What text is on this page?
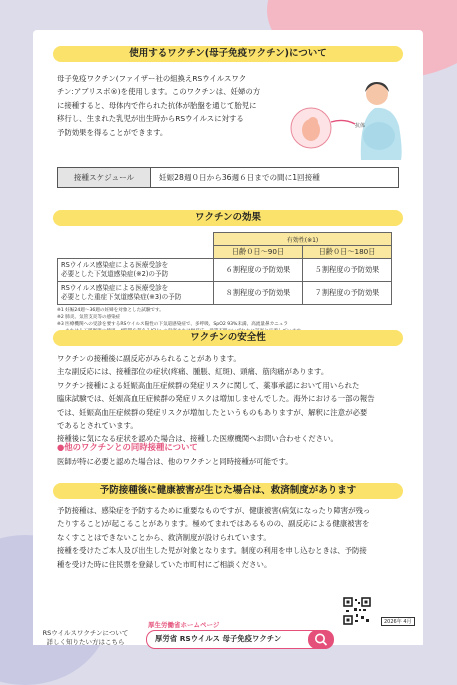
使用するワクチン(母子免疫ワクチン)について

母子免疫ワクチン(ファイザー社の組換えRSウイルスワク

チン:アブリスボ®)を使用します。このワクチンは、妊婦の方

に接種すると、母体内で作られた抗体が胎盤を通じて胎児に

移行し、生まれた乳児が出生時からRSウイルスに対する

予防効果を得ることができます。

抗体
接種スケジュール	妊娠28週０日から36週６日までの間に1回接種
ワクチンの効果
	有効性(※1)	
	日齢０日〜90日	日齢０日〜180日

RSウイルス感染症による医療受診を
必要とした下気道感染症(※2)の予防	６割程度の予防効果	５割程度の予防効果

RSウイルス感染症による医療受診を
必要とした重症下気道感染症(※3)の予防	８割程度の予防効果	７割程度の予防効果

※1 妊娠24週〜36週の妊婦を対象とした試験です。

※2 肺炎、気管支炎等の感染症

※3 医療機関への受診を要するRSウイルス陽性の下気道感染症で、多呼吸、SpO2 93%未満、高流量鼻カニュラ

ワクチンの安全性

ワクチンの接種後に副反応がみられることがあります。

主な副反応には、接種部位の症状(疼痛、腫脹、紅斑)、頭痛、筋肉痛があります。

ワクチン接種による妊娠高血圧症候群の発症リスクに関して、薬事承認において用いられた

臨床試験では、妊娠高血圧症候群の発症リスクは増加しませんでした。海外における一部の報告

では、妊娠高血圧症候群の発症リスクが増加したというものもありますが、解釈に注意が必要

であるとされています。

接種後に気になる症状を認めた場合は、接種した医療機関へお問い合わせください。

●他のワクチンとの同時接種について

医師が特に必要と認めた場合は、他のワクチンと同時接種が可能です。

予防接種後に健康被害が生じた場合は、救済制度があります

予防接種は、感染症を予防するために重要なものですが、健康被害(病気になったり障害が残っ

たりすること)が起こることがあります。極めてまれではあるものの、副反応による健康被害を

なくすことはできないことから、救済制度が設けられています。

接種を受けたご本人及び出生した児が対象となります。制度の利用を申し込むときは、予防接

種を受けた時に住民票を登録していた市町村にご相談ください。

RSウイルスワクチンについて
詳しく知りたい方はこちら
厚生労働省ホームページ
厚労省 RSウイルス 母子免疫ワクチン
2026年 4月
